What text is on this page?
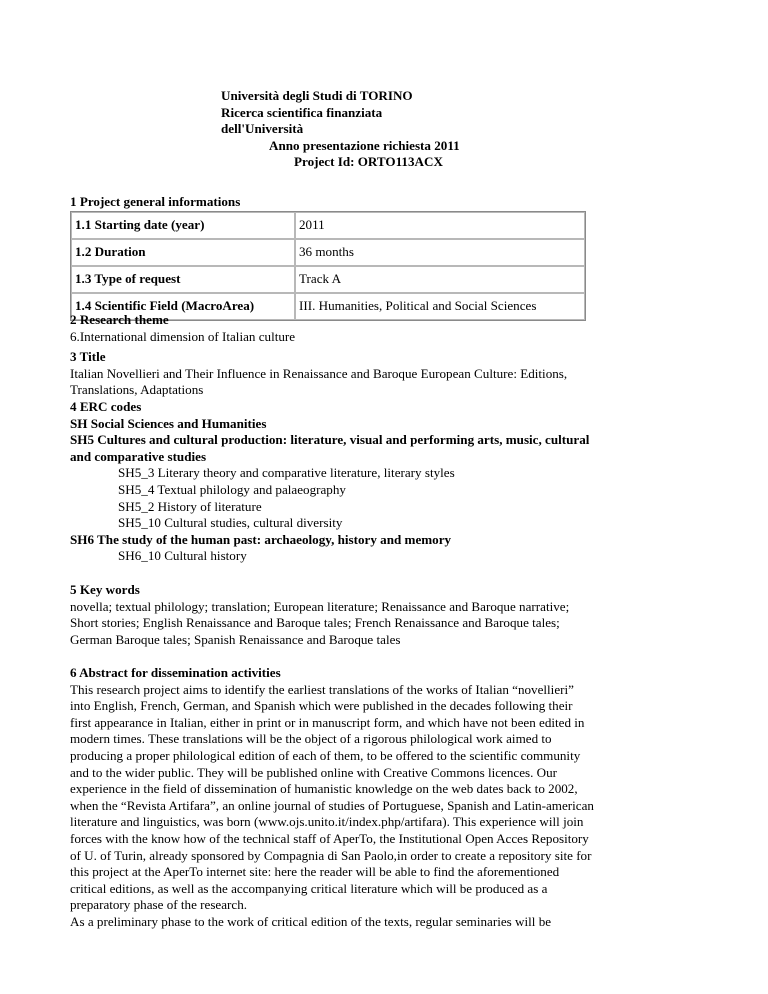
Università degli Studi di TORINO
Ricerca scientifica finanziata
dell'Università
Anno presentazione richiesta 2011
Project Id: ORTO113ACX
1 Project general informations
1.1 Starting date (year)	2011
1.2 Duration	36 months
1.3 Type of request	Track A
1.4 Scientific Field (MacroArea)	III. Humanities, Political and Social Sciences
2 Research theme
6.International dimension of Italian culture
3 Title
Italian Novellieri and Their Influence in Renaissance and Baroque European Culture: Editions,
Translations, Adaptations
4 ERC codes
SH Social Sciences and Humanities
SH5 Cultures and cultural production: literature, visual and performing arts, music, cultural
and comparative studies
SH5_3 Literary theory and comparative literature, literary styles
SH5_4 Textual philology and palaeography
SH5_2 History of literature
SH5_10 Cultural studies, cultural diversity
SH6 The study of the human past: archaeology, history and memory
SH6_10 Cultural history
5 Key words
novella; textual philology; translation; European literature; Renaissance and Baroque narrative;
Short stories; English Renaissance and Baroque tales; French Renaissance and Baroque tales;
German Baroque tales; Spanish Renaissance and Baroque tales
6 Abstract for dissemination activities
This research project aims to identify the earliest translations of the works of Italian “novellieri”
into English, French, German, and Spanish which were published in the decades following their
first appearance in Italian, either in print or in manuscript form, and which have not been edited in
modern times. These translations will be the object of a rigorous philological work aimed to
producing a proper philological edition of each of them, to be offered to the scientific community
and to the wider public. They will be published online with Creative Commons licences. Our
experience in the field of dissemination of humanistic knowledge on the web dates back to 2002,
when the “Revista Artifara”, an online journal of studies of Portuguese, Spanish and Latin-american
literature and linguistics, was born (www.ojs.unito.it/index.php/artifara). This experience will join
forces with the know how of the technical staff of AperTo, the Institutional Open Acces Repository
of U. of Turin, already sponsored by Compagnia di San Paolo,in order to create a repository site for
this project at the AperTo internet site: here the reader will be able to find the aforementioned
critical editions, as well as the accompanying critical literature which will be produced as a
preparatory phase of the research.
As a preliminary phase to the work of critical edition of the texts, regular seminaries will be
